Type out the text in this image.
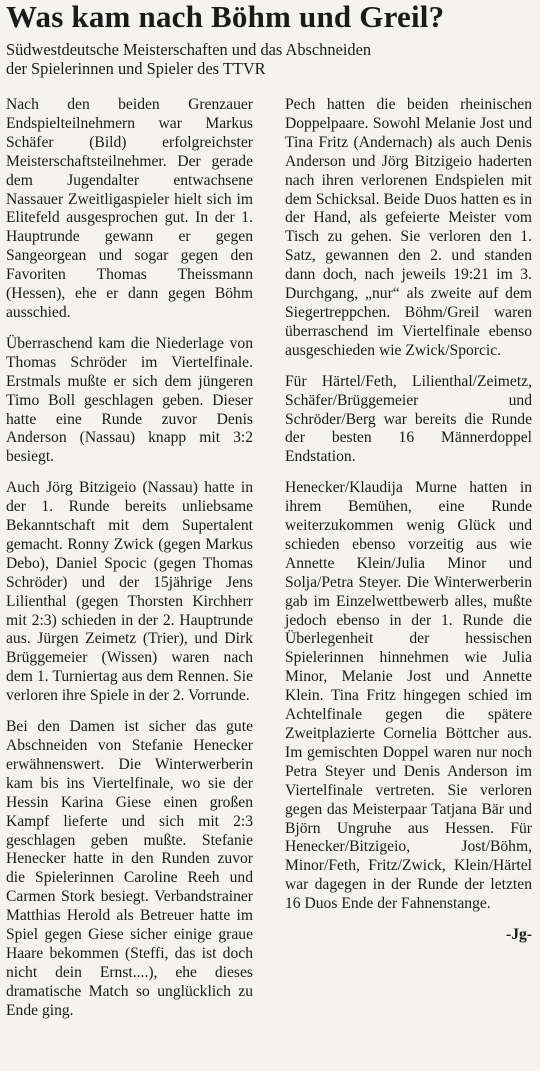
Was kam nach Böhm und Greil?
Südwestdeutsche Meisterschaften und das Abschneiden
der Spielerinnen und Spieler des TTVR

Nach den beiden Grenzauer Endspielteilnehmern war Markus Schäfer (Bild) erfolgreichster Meisterschaftsteilnehmer. Der gerade dem Jugendalter entwachsene Nassauer Zweitligaspieler hielt sich im Elitefeld ausgesprochen gut. In der 1. Hauptrunde gewann er gegen Sangeorgean und sogar gegen den Favoriten Thomas Theissmann (Hessen), ehe er dann gegen Böhm ausschied.

Überraschend kam die Niederlage von Thomas Schröder im Viertelfinale. Erstmals mußte er sich dem jüngeren Timo Boll geschlagen geben. Dieser hatte eine Runde zuvor Denis Anderson (Nassau) knapp mit 3:2 besiegt.

Auch Jörg Bitzigeio (Nassau) hatte in der 1. Runde bereits unliebsame Bekanntschaft mit dem Supertalent gemacht. Ronny Zwick (gegen Markus Debo), Daniel Spocic (gegen Thomas Schröder) und der 15jährige Jens Lilienthal (gegen Thorsten Kirchherr mit 2:3) schieden in der 2. Hauptrunde aus. Jürgen Zeimetz (Trier), und Dirk Brüggemeier (Wissen) waren nach dem 1. Turniertag aus dem Rennen. Sie verloren ihre Spiele in der 2. Vorrunde.

Bei den Damen ist sicher das gute Abschneiden von Stefanie Henecker erwähnenswert. Die Winterwerberin kam bis ins Viertelfinale, wo sie der Hessin Karina Giese einen großen Kampf lieferte und sich mit 2:3 geschlagen geben mußte. Stefanie Henecker hatte in den Runden zuvor die Spielerinnen Caroline Reeh und Carmen Stork besiegt. Verbandstrainer Matthias Herold als Betreuer hatte im Spiel gegen Giese sicher einige graue Haare bekommen (Steffi, das ist doch nicht dein Ernst....), ehe dieses dramatische Match so unglücklich zu Ende ging.

Pech hatten die beiden rheinischen Doppelpaare. Sowohl Melanie Jost und Tina Fritz (Andernach) als auch Denis Anderson und Jörg Bitzigeio haderten nach ihren verlorenen Endspielen mit dem Schicksal. Beide Duos hatten es in der Hand, als gefeierte Meister vom Tisch zu gehen. Sie verloren den 1. Satz, gewannen den 2. und standen dann doch, nach jeweils 19:21 im 3. Durchgang, „nur“ als zweite auf dem Siegertreppchen. Böhm/Greil waren überraschend im Viertelfinale ebenso ausgeschieden wie Zwick/Sporcic.

Für Härtel/Feth, Lilienthal/Zeimetz, Schäfer/Brüggemeier und Schröder/Berg war bereits die Runde der besten 16 Männerdoppel Endstation.

Henecker/Klaudija Murne hatten in ihrem Bemühen, eine Runde weiterzukommen wenig Glück und schieden ebenso vorzeitig aus wie Annette Klein/Julia Minor und Solja/Petra Steyer. Die Winterwerberin gab im Einzelwettbewerb alles, mußte jedoch ebenso in der 1. Runde die Überlegenheit der hessischen Spielerinnen hinnehmen wie Julia Minor, Melanie Jost und Annette Klein. Tina Fritz hingegen schied im Achtelfinale gegen die spätere Zweitplazierte Cornelia Böttcher aus. Im gemischten Doppel waren nur noch Petra Steyer und Denis Anderson im Viertelfinale vertreten. Sie verloren gegen das Meisterpaar Tatjana Bär und Björn Ungruhe aus Hessen. Für Henecker/Bitzigeio, Jost/Böhm, Minor/Feth, Fritz/Zwick, Klein/Härtel war dagegen in der Runde der letzten 16 Duos Ende der Fahnenstange.

-Jg-
